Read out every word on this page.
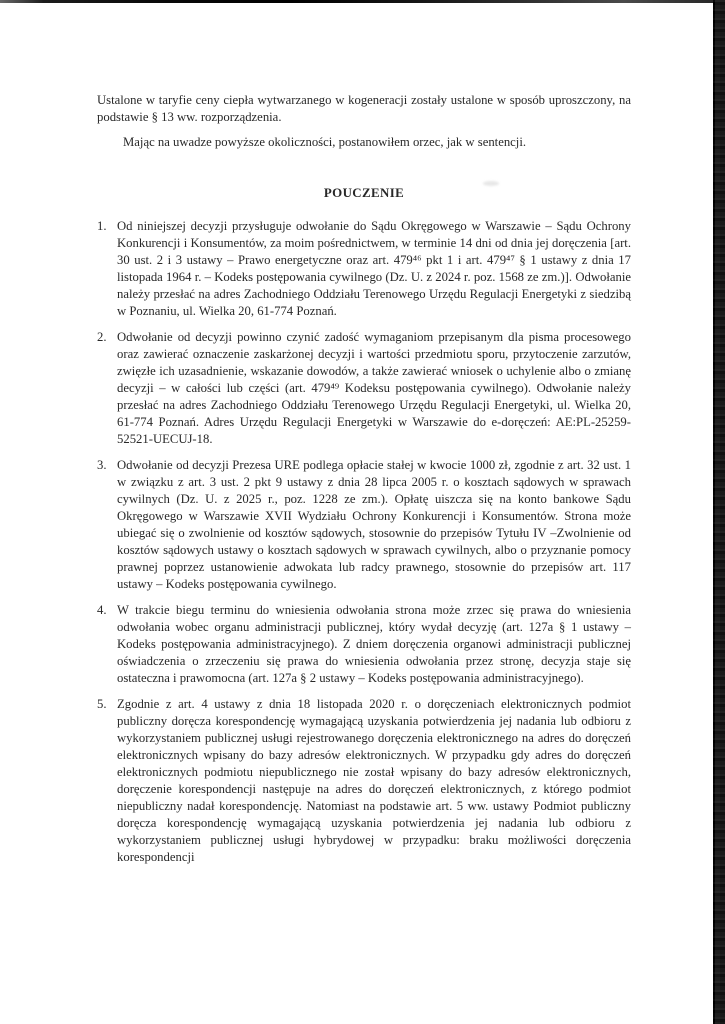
Ustalone w taryfie ceny ciepła wytwarzanego w kogeneracji zostały ustalone w sposób uproszczony, na podstawie § 13 ww. rozporządzenia.

Mając na uwadze powyższe okoliczności, postanowiłem orzec, jak w sentencji.

POUCZENIE
1. Od niniejszej decyzji przysługuje odwołanie do Sądu Okręgowego w Warszawie – Sądu Ochrony Konkurencji i Konsumentów, za moim pośrednictwem, w terminie 14 dni od dnia jej doręczenia [art. 30 ust. 2 i 3 ustawy – Prawo energetyczne oraz art. 479⁴⁶ pkt 1 i art. 479⁴⁷ § 1 ustawy z dnia 17 listopada 1964 r. – Kodeks postępowania cywilnego (Dz. U. z 2024 r. poz. 1568 ze zm.)]. Odwołanie należy przesłać na adres Zachodniego Oddziału Terenowego Urzędu Regulacji Energetyki z siedzibą w Poznaniu, ul. Wielka 20, 61-774 Poznań.
2. Odwołanie od decyzji powinno czynić zadość wymaganiom przepisanym dla pisma procesowego oraz zawierać oznaczenie zaskarżonej decyzji i wartości przedmiotu sporu, przytoczenie zarzutów, zwięzłe ich uzasadnienie, wskazanie dowodów, a także zawierać wniosek o uchylenie albo o zmianę decyzji – w całości lub części (art. 479⁴⁹ Kodeksu postępowania cywilnego). Odwołanie należy przesłać na adres Zachodniego Oddziału Terenowego Urzędu Regulacji Energetyki, ul. Wielka 20, 61-774 Poznań. Adres Urzędu Regulacji Energetyki w Warszawie do e-doręczeń: AE:PL-25259-52521-UECUJ-18.
3. Odwołanie od decyzji Prezesa URE podlega opłacie stałej w kwocie 1000 zł, zgodnie z art. 32 ust. 1 w związku z art. 3 ust. 2 pkt 9 ustawy z dnia 28 lipca 2005 r. o kosztach sądowych w sprawach cywilnych (Dz. U. z 2025 r., poz. 1228 ze zm.). Opłatę uiszcza się na konto bankowe Sądu Okręgowego w Warszawie XVII Wydziału Ochrony Konkurencji i Konsumentów. Strona może ubiegać się o zwolnienie od kosztów sądowych, stosownie do przepisów Tytułu IV –Zwolnienie od kosztów sądowych ustawy o kosztach sądowych w sprawach cywilnych, albo o przyznanie pomocy prawnej poprzez ustanowienie adwokata lub radcy prawnego, stosownie do przepisów art. 117 ustawy – Kodeks postępowania cywilnego.
4. W trakcie biegu terminu do wniesienia odwołania strona może zrzec się prawa do wniesienia odwołania wobec organu administracji publicznej, który wydał decyzję (art. 127a § 1 ustawy – Kodeks postępowania administracyjnego). Z dniem doręczenia organowi administracji publicznej oświadczenia o zrzeczeniu się prawa do wniesienia odwołania przez stronę, decyzja staje się ostateczna i prawomocna (art. 127a § 2 ustawy – Kodeks postępowania administracyjnego).
5. Zgodnie z art. 4 ustawy z dnia 18 listopada 2020 r. o doręczeniach elektronicznych podmiot publiczny doręcza korespondencję wymagającą uzyskania potwierdzenia jej nadania lub odbioru z wykorzystaniem publicznej usługi rejestrowanego doręczenia elektronicznego na adres do doręczeń elektronicznych wpisany do bazy adresów elektronicznych. W przypadku gdy adres do doręczeń elektronicznych podmiotu niepublicznego nie został wpisany do bazy adresów elektronicznych, doręczenie korespondencji następuje na adres do doręczeń elektronicznych, z którego podmiot niepubliczny nadał korespondencję. Natomiast na podstawie art. 5 ww. ustawy Podmiot publiczny doręcza korespondencję wymagającą uzyskania potwierdzenia jej nadania lub odbioru z wykorzystaniem publicznej usługi hybrydowej w przypadku: braku możliwości doręczenia korespondencji
